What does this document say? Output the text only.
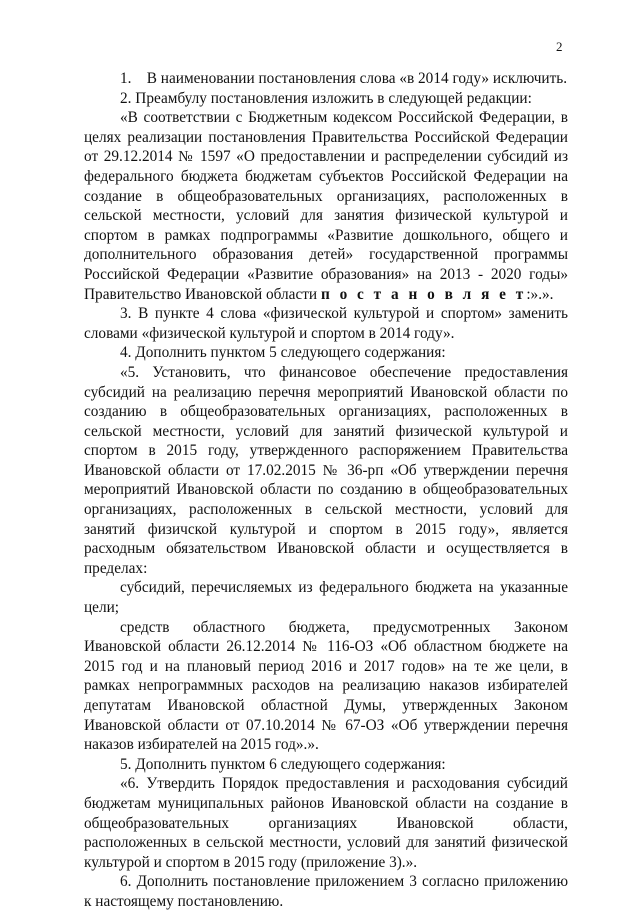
2

1.    В наименовании постановления слова «в 2014 году» исключить.

2. Преамбулу постановления изложить в следующей редакции:

«В соответствии с Бюджетным кодексом Российской Федерации, в целях реализации постановления Правительства Российской Федерации от 29.12.2014 № 1597 «О предоставлении и распределении субсидий из федерального бюджета бюджетам субъектов Российской Федерации на создание в общеобразовательных организациях, расположенных в сельской местности, условий для занятия физической культурой и спортом в рамках подпрограммы «Развитие дошкольного, общего и дополнительного образования детей» государственной программы Российской Федерации «Развитие образования» на 2013 - 2020 годы» Правительство Ивановской области п о с т а н о в л я е т:».».

3. В пункте 4 слова «физической культурой и спортом» заменить словами «физической культурой и спортом в 2014 году».

4. Дополнить пунктом 5 следующего содержания:

«5. Установить, что финансовое обеспечение предоставления субсидий на реализацию перечня мероприятий Ивановской области по созданию в общеобразовательных организациях, расположенных в сельской местности, условий для занятий физической культурой и спортом в 2015 году, утвержденного распоряжением Правительства Ивановской области от 17.02.2015 № 36-рп «Об утверждении перечня мероприятий Ивановской области по созданию в общеобразовательных организациях, расположенных в сельской местности, условий для занятий физичской культурой и спортом в 2015 году», является расходным обязательством Ивановской области и осуществляется в пределах:

субсидий, перечисляемых из федерального бюджета на указанные цели;

средств областного бюджета, предусмотренных Законом Ивановской области 26.12.2014 № 116-ОЗ «Об областном бюджете на 2015 год и на плановый период 2016 и 2017 годов» на те же цели, в рамках непрограммных расходов на реализацию наказов избирателей депутатам Ивановской областной Думы, утвержденных Законом Ивановской области от 07.10.2014 № 67-ОЗ «Об утверждении перечня наказов избирателей на 2015 год».».

5. Дополнить пунктом 6 следующего содержания:

«6. Утвердить Порядок предоставления и расходования субсидий бюджетам муниципальных районов Ивановской области на создание в общеобразовательных организациях Ивановской области, расположенных в сельской местности, условий для занятий физической культурой и спортом в 2015 году (приложение 3).».

6. Дополнить постановление приложением 3 согласно приложению к настоящему постановлению.
